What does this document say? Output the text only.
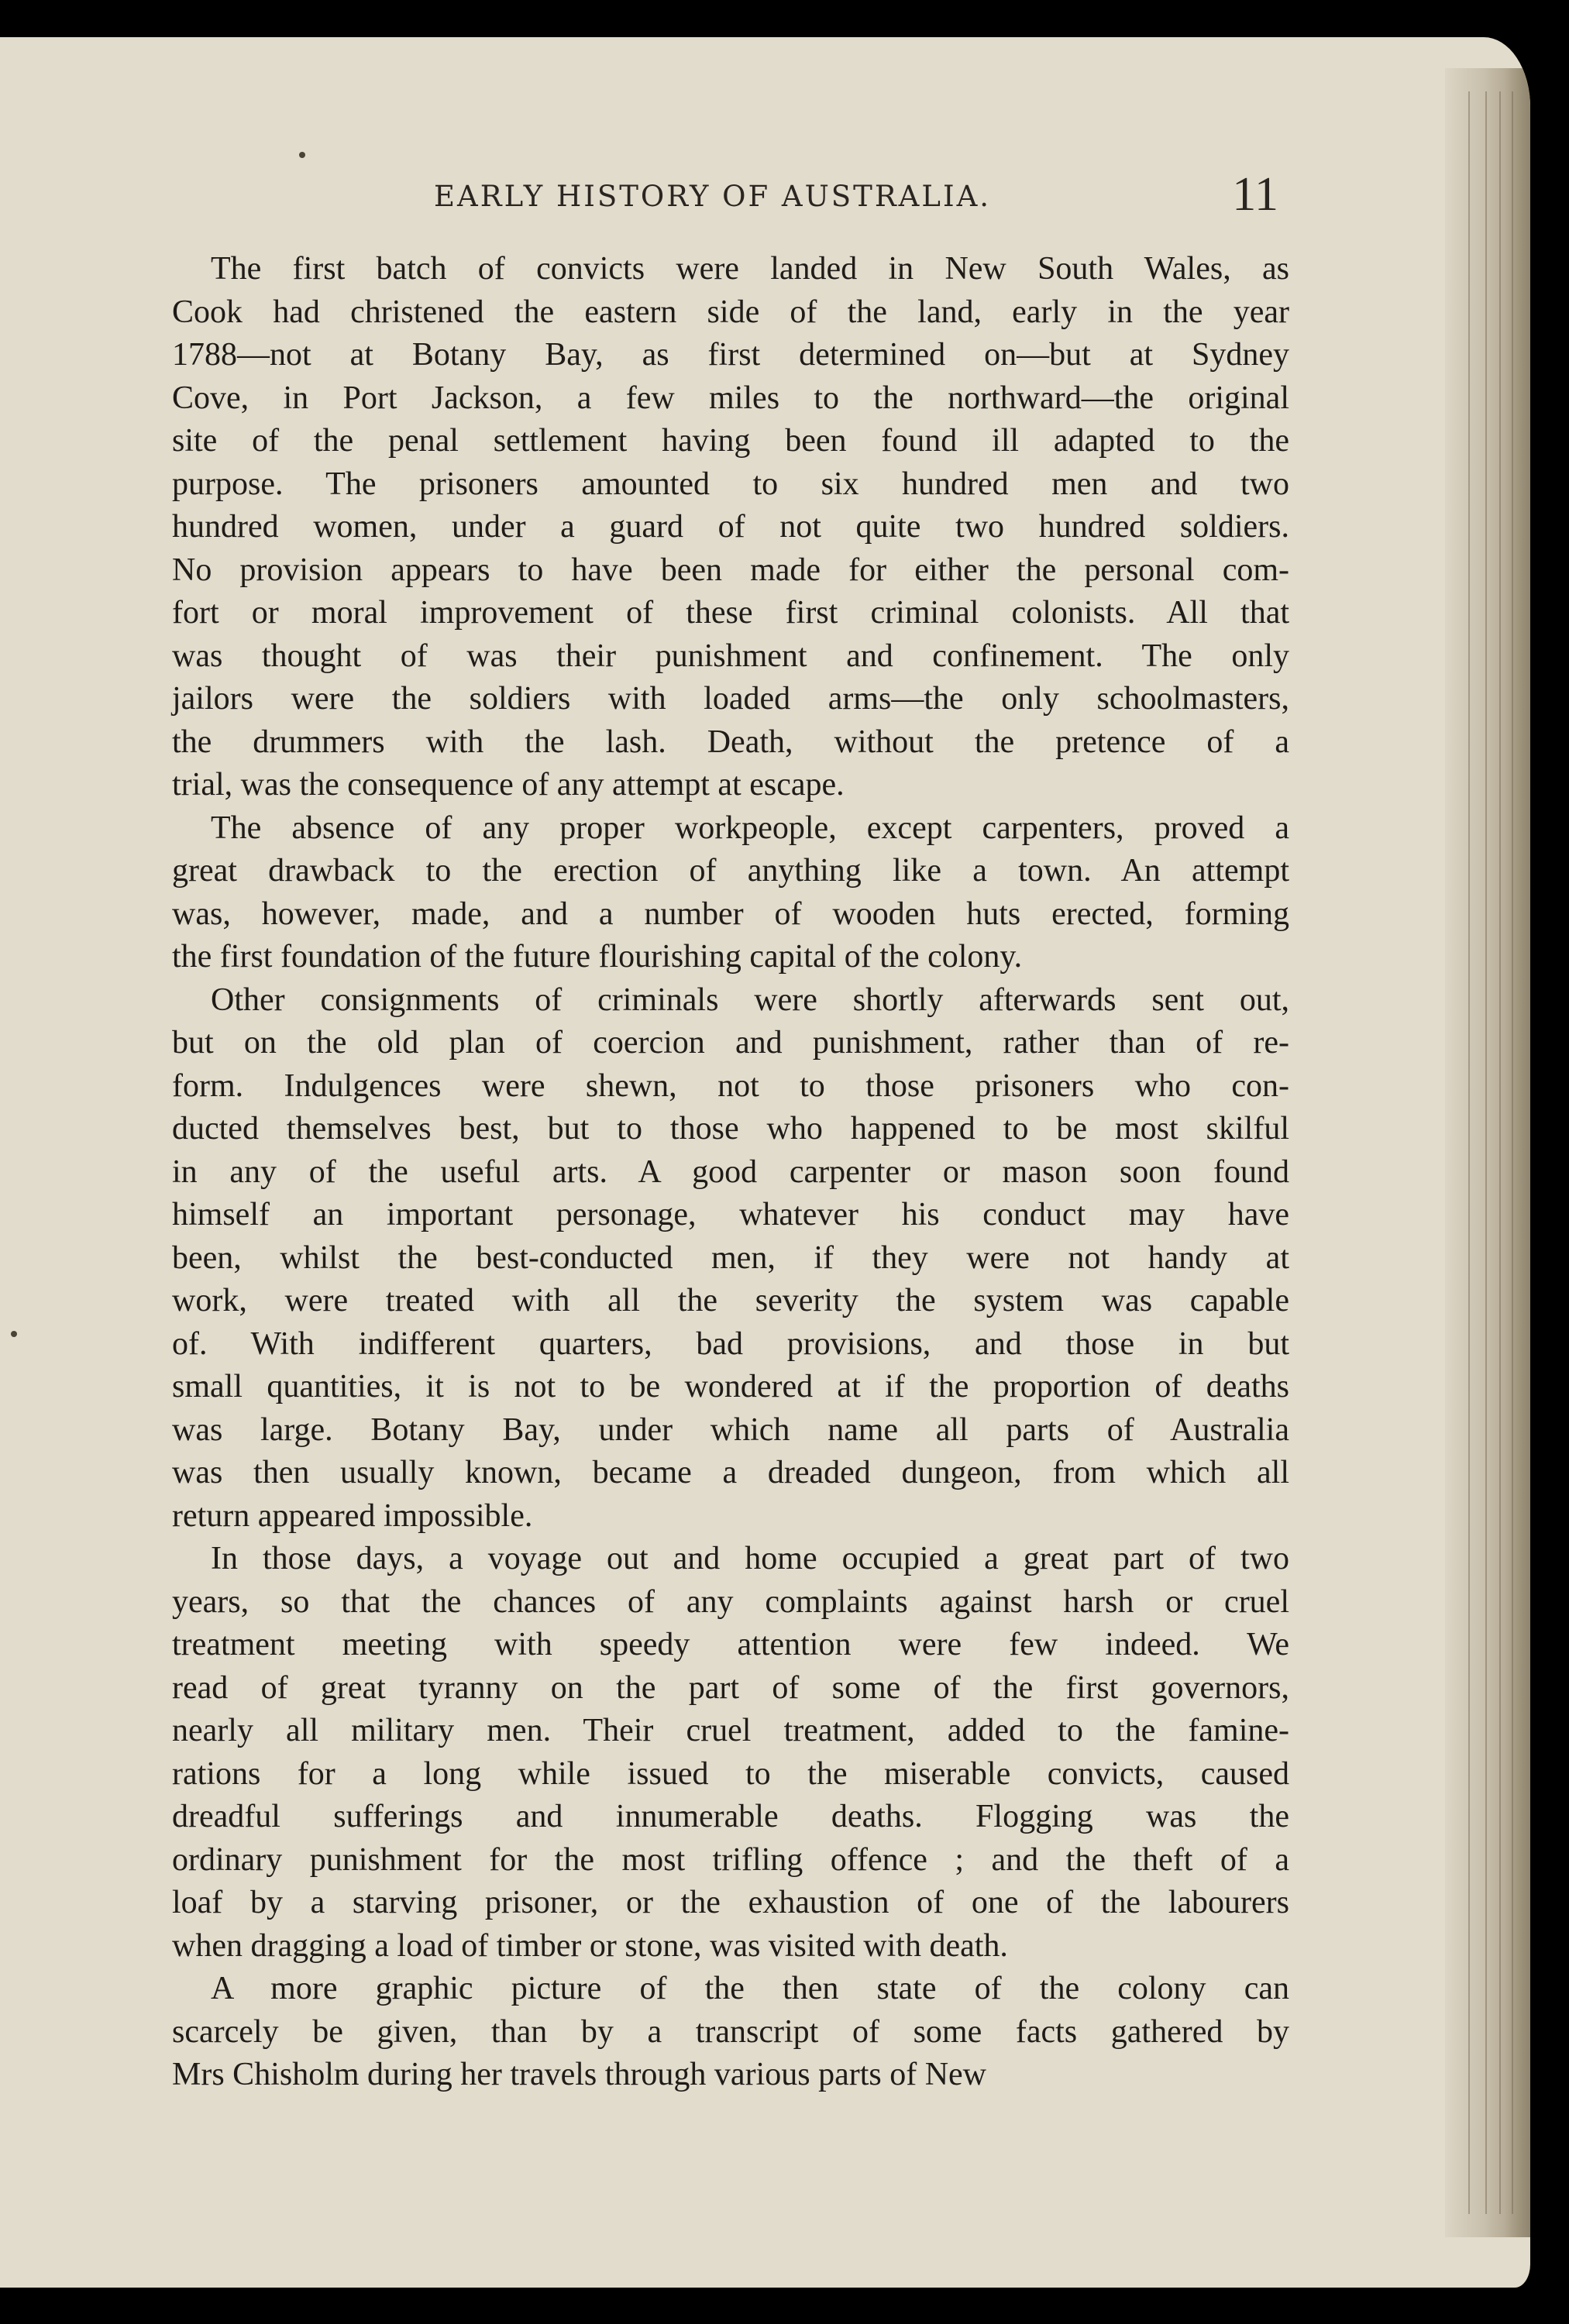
EARLY HISTORY OF AUSTRALIA.	11
The first batch of convicts were landed in New South Wales, as
Cook had christened the eastern side of the land, early in the year
1788—not at Botany Bay, as first determined on—but at Sydney
Cove, in Port Jackson, a few miles to the northward—the original
site of the penal settlement having been found ill adapted to the
purpose. The prisoners amounted to six hundred men and two
hundred women, under a guard of not quite two hundred soldiers.
No provision appears to have been made for either the personal com-
fort or moral improvement of these first criminal colonists. All that
was thought of was their punishment and confinement. The only
jailors were the soldiers with loaded arms—the only schoolmasters,
the drummers with the lash. Death, without the pretence of a
trial, was the consequence of any attempt at escape.
The absence of any proper workpeople, except carpenters, proved a
great drawback to the erection of anything like a town. An attempt
was, however, made, and a number of wooden huts erected, forming
the first foundation of the future flourishing capital of the colony.
Other consignments of criminals were shortly afterwards sent out,
but on the old plan of coercion and punishment, rather than of re-
form. Indulgences were shewn, not to those prisoners who con-
ducted themselves best, but to those who happened to be most skilful
in any of the useful arts. A good carpenter or mason soon found
himself an important personage, whatever his conduct may have
been, whilst the best-conducted men, if they were not handy at
work, were treated with all the severity the system was capable
of. With indifferent quarters, bad provisions, and those in but
small quantities, it is not to be wondered at if the proportion of deaths
was large. Botany Bay, under which name all parts of Australia
was then usually known, became a dreaded dungeon, from which all
return appeared impossible.
In those days, a voyage out and home occupied a great part of two
years, so that the chances of any complaints against harsh or cruel
treatment meeting with speedy attention were few indeed. We
read of great tyranny on the part of some of the first governors,
nearly all military men. Their cruel treatment, added to the famine-
rations for a long while issued to the miserable convicts, caused
dreadful sufferings and innumerable deaths. Flogging was the
ordinary punishment for the most trifling offence ; and the theft of a
loaf by a starving prisoner, or the exhaustion of one of the labourers
when dragging a load of timber or stone, was visited with death.
A more graphic picture of the then state of the colony can
scarcely be given, than by a transcript of some facts gathered by
Mrs Chisholm during her travels through various parts of New
